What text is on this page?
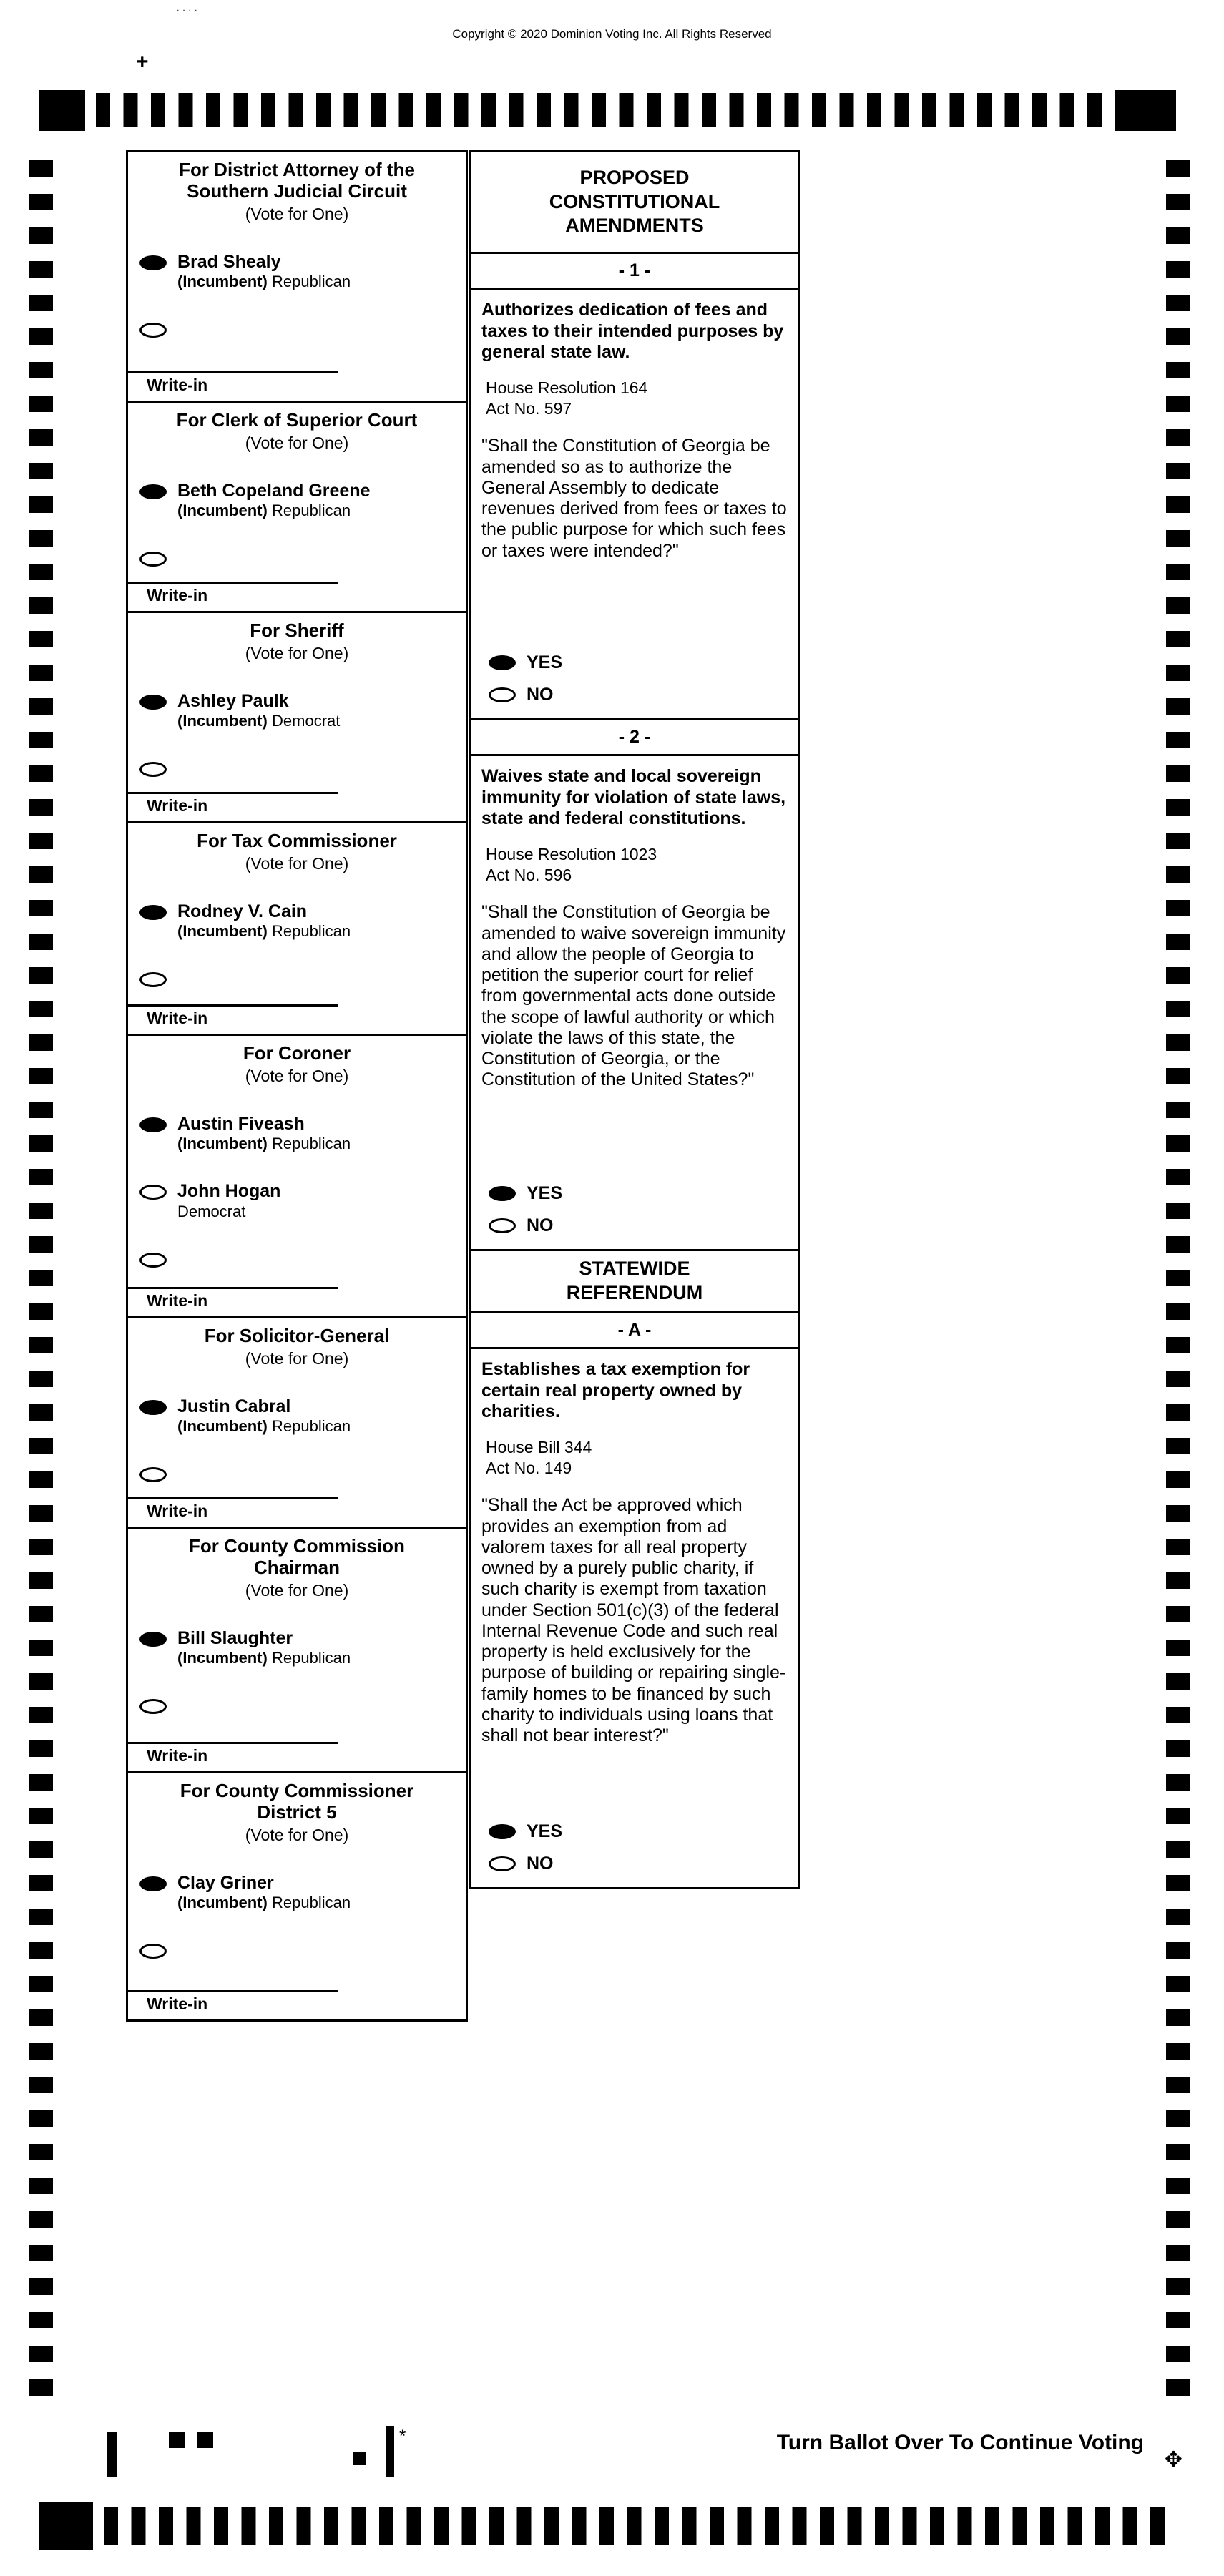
····
Copyright © 2020 Dominion Voting Inc. All Rights Reserved
+
For District Attorney of the Southern Judicial Circuit
(Vote for One)
Brad Shealy
(Incumbent) Republican
Write-in
For Clerk of Superior Court
(Vote for One)
Beth Copeland Greene
(Incumbent) Republican
Write-in
For Sheriff
(Vote for One)
Ashley Paulk
(Incumbent) Democrat
Write-in
For Tax Commissioner
(Vote for One)
Rodney V. Cain
(Incumbent) Republican
Write-in
For Coroner
(Vote for One)
Austin Fiveash
(Incumbent) Republican
John Hogan
Democrat
Write-in
For Solicitor-General
(Vote for One)
Justin Cabral
(Incumbent) Republican
Write-in
For County Commission Chairman
(Vote for One)
Bill Slaughter
(Incumbent) Republican
Write-in
For County Commissioner District 5
(Vote for One)
Clay Griner
(Incumbent) Republican
Write-in
PROPOSED CONSTITUTIONAL AMENDMENTS
- 1 -
Authorizes dedication of fees and taxes to their intended purposes by general state law.
House Resolution 164
Act No. 597
"Shall the Constitution of Georgia be amended so as to authorize the General Assembly to dedicate revenues derived from fees or taxes to the public purpose for which such fees or taxes were intended?"
YES
NO
- 2 -
Waives state and local sovereign immunity for violation of state laws, state and federal constitutions.
House Resolution 1023
Act No. 596
"Shall the Constitution of Georgia be amended to waive sovereign immunity and allow the people of Georgia to petition the superior court for relief from governmental acts done outside the scope of lawful authority or which violate the laws of this state, the Constitution of Georgia, or the Constitution of the United States?"
YES
NO
STATEWIDE REFERENDUM
- A -
Establishes a tax exemption for certain real property owned by charities.
House Bill 344
Act No. 149
"Shall the Act be approved which provides an exemption from ad valorem taxes for all real property owned by a purely public charity, if such charity is exempt from taxation under Section 501(c)(3) of the federal Internal Revenue Code and such real property is held exclusively for the purpose of building or repairing single-family homes to be financed by such charity to individuals using loans that shall not bear interest?"
YES
NO
*	Turn Ballot Over To Continue Voting
✥
